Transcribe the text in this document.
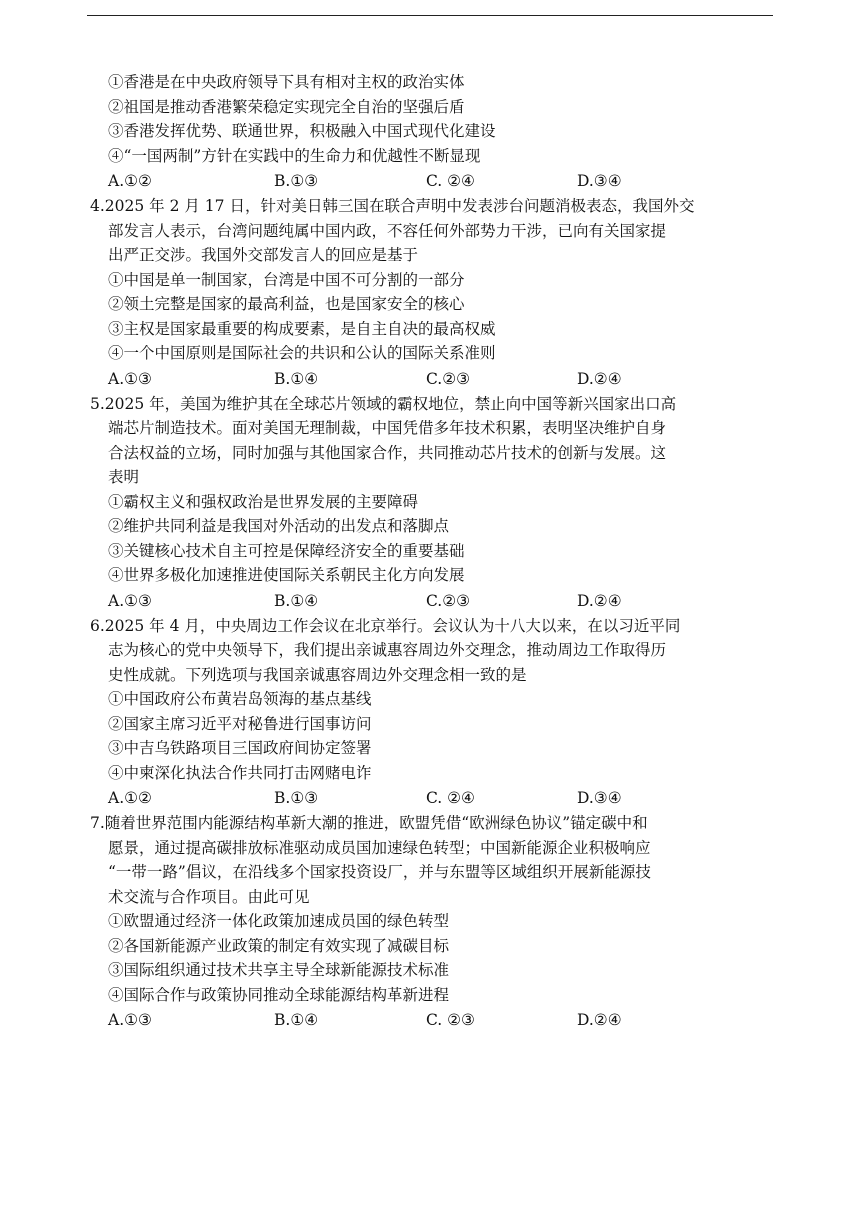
①香港是在中央政府领导下具有相对主权的政治实体
②祖国是推动香港繁荣稳定实现完全自治的坚强后盾
③香港发挥优势、联通世界，积极融入中国式现代化建设
④“一国两制”方针在实践中的生命力和优越性不断显现
A.①②	B.①③	C. ②④	D.③④
4.2025 年 2 月 17 日，针对美日韩三国在联合声明中发表涉台问题消极表态，我国外交
部发言人表示，台湾问题纯属中国内政，不容任何外部势力干涉，已向有关国家提
出严正交涉。我国外交部发言人的回应是基于
①中国是单一制国家，台湾是中国不可分割的一部分
②领土完整是国家的最高利益，也是国家安全的核心
③主权是国家最重要的构成要素，是自主自决的最高权威
④一个中国原则是国际社会的共识和公认的国际关系准则
A.①③	B.①④	C.②③	D.②④
5.2025 年，美国为维护其在全球芯片领域的霸权地位，禁止向中国等新兴国家出口高
端芯片制造技术。面对美国无理制裁，中国凭借多年技术积累，表明坚决维护自身
合法权益的立场，同时加强与其他国家合作，共同推动芯片技术的创新与发展。这
表明
①霸权主义和强权政治是世界发展的主要障碍
②维护共同利益是我国对外活动的出发点和落脚点
③关键核心技术自主可控是保障经济安全的重要基础
④世界多极化加速推进使国际关系朝民主化方向发展
A.①③	B.①④	C.②③	D.②④
6.2025 年 4 月，中央周边工作会议在北京举行。会议认为十八大以来，在以习近平同
志为核心的党中央领导下，我们提出亲诚惠容周边外交理念，推动周边工作取得历
史性成就。下列选项与我国亲诚惠容周边外交理念相一致的是
①中国政府公布黄岩岛领海的基点基线
②国家主席习近平对秘鲁进行国事访问
③中吉乌铁路项目三国政府间协定签署
④中柬深化执法合作共同打击网赌电诈
A.①②	B.①③	C. ②④	D.③④
7.随着世界范围内能源结构革新大潮的推进，欧盟凭借“欧洲绿色协议”锚定碳中和
愿景，通过提高碳排放标准驱动成员国加速绿色转型；中国新能源企业积极响应
“一带一路”倡议，在沿线多个国家投资设厂，并与东盟等区域组织开展新能源技
术交流与合作项目。由此可见
①欧盟通过经济一体化政策加速成员国的绿色转型
②各国新能源产业政策的制定有效实现了减碳目标
③国际组织通过技术共享主导全球新能源技术标准
④国际合作与政策协同推动全球能源结构革新进程
A.①③	B.①④	C. ②③	D.②④
